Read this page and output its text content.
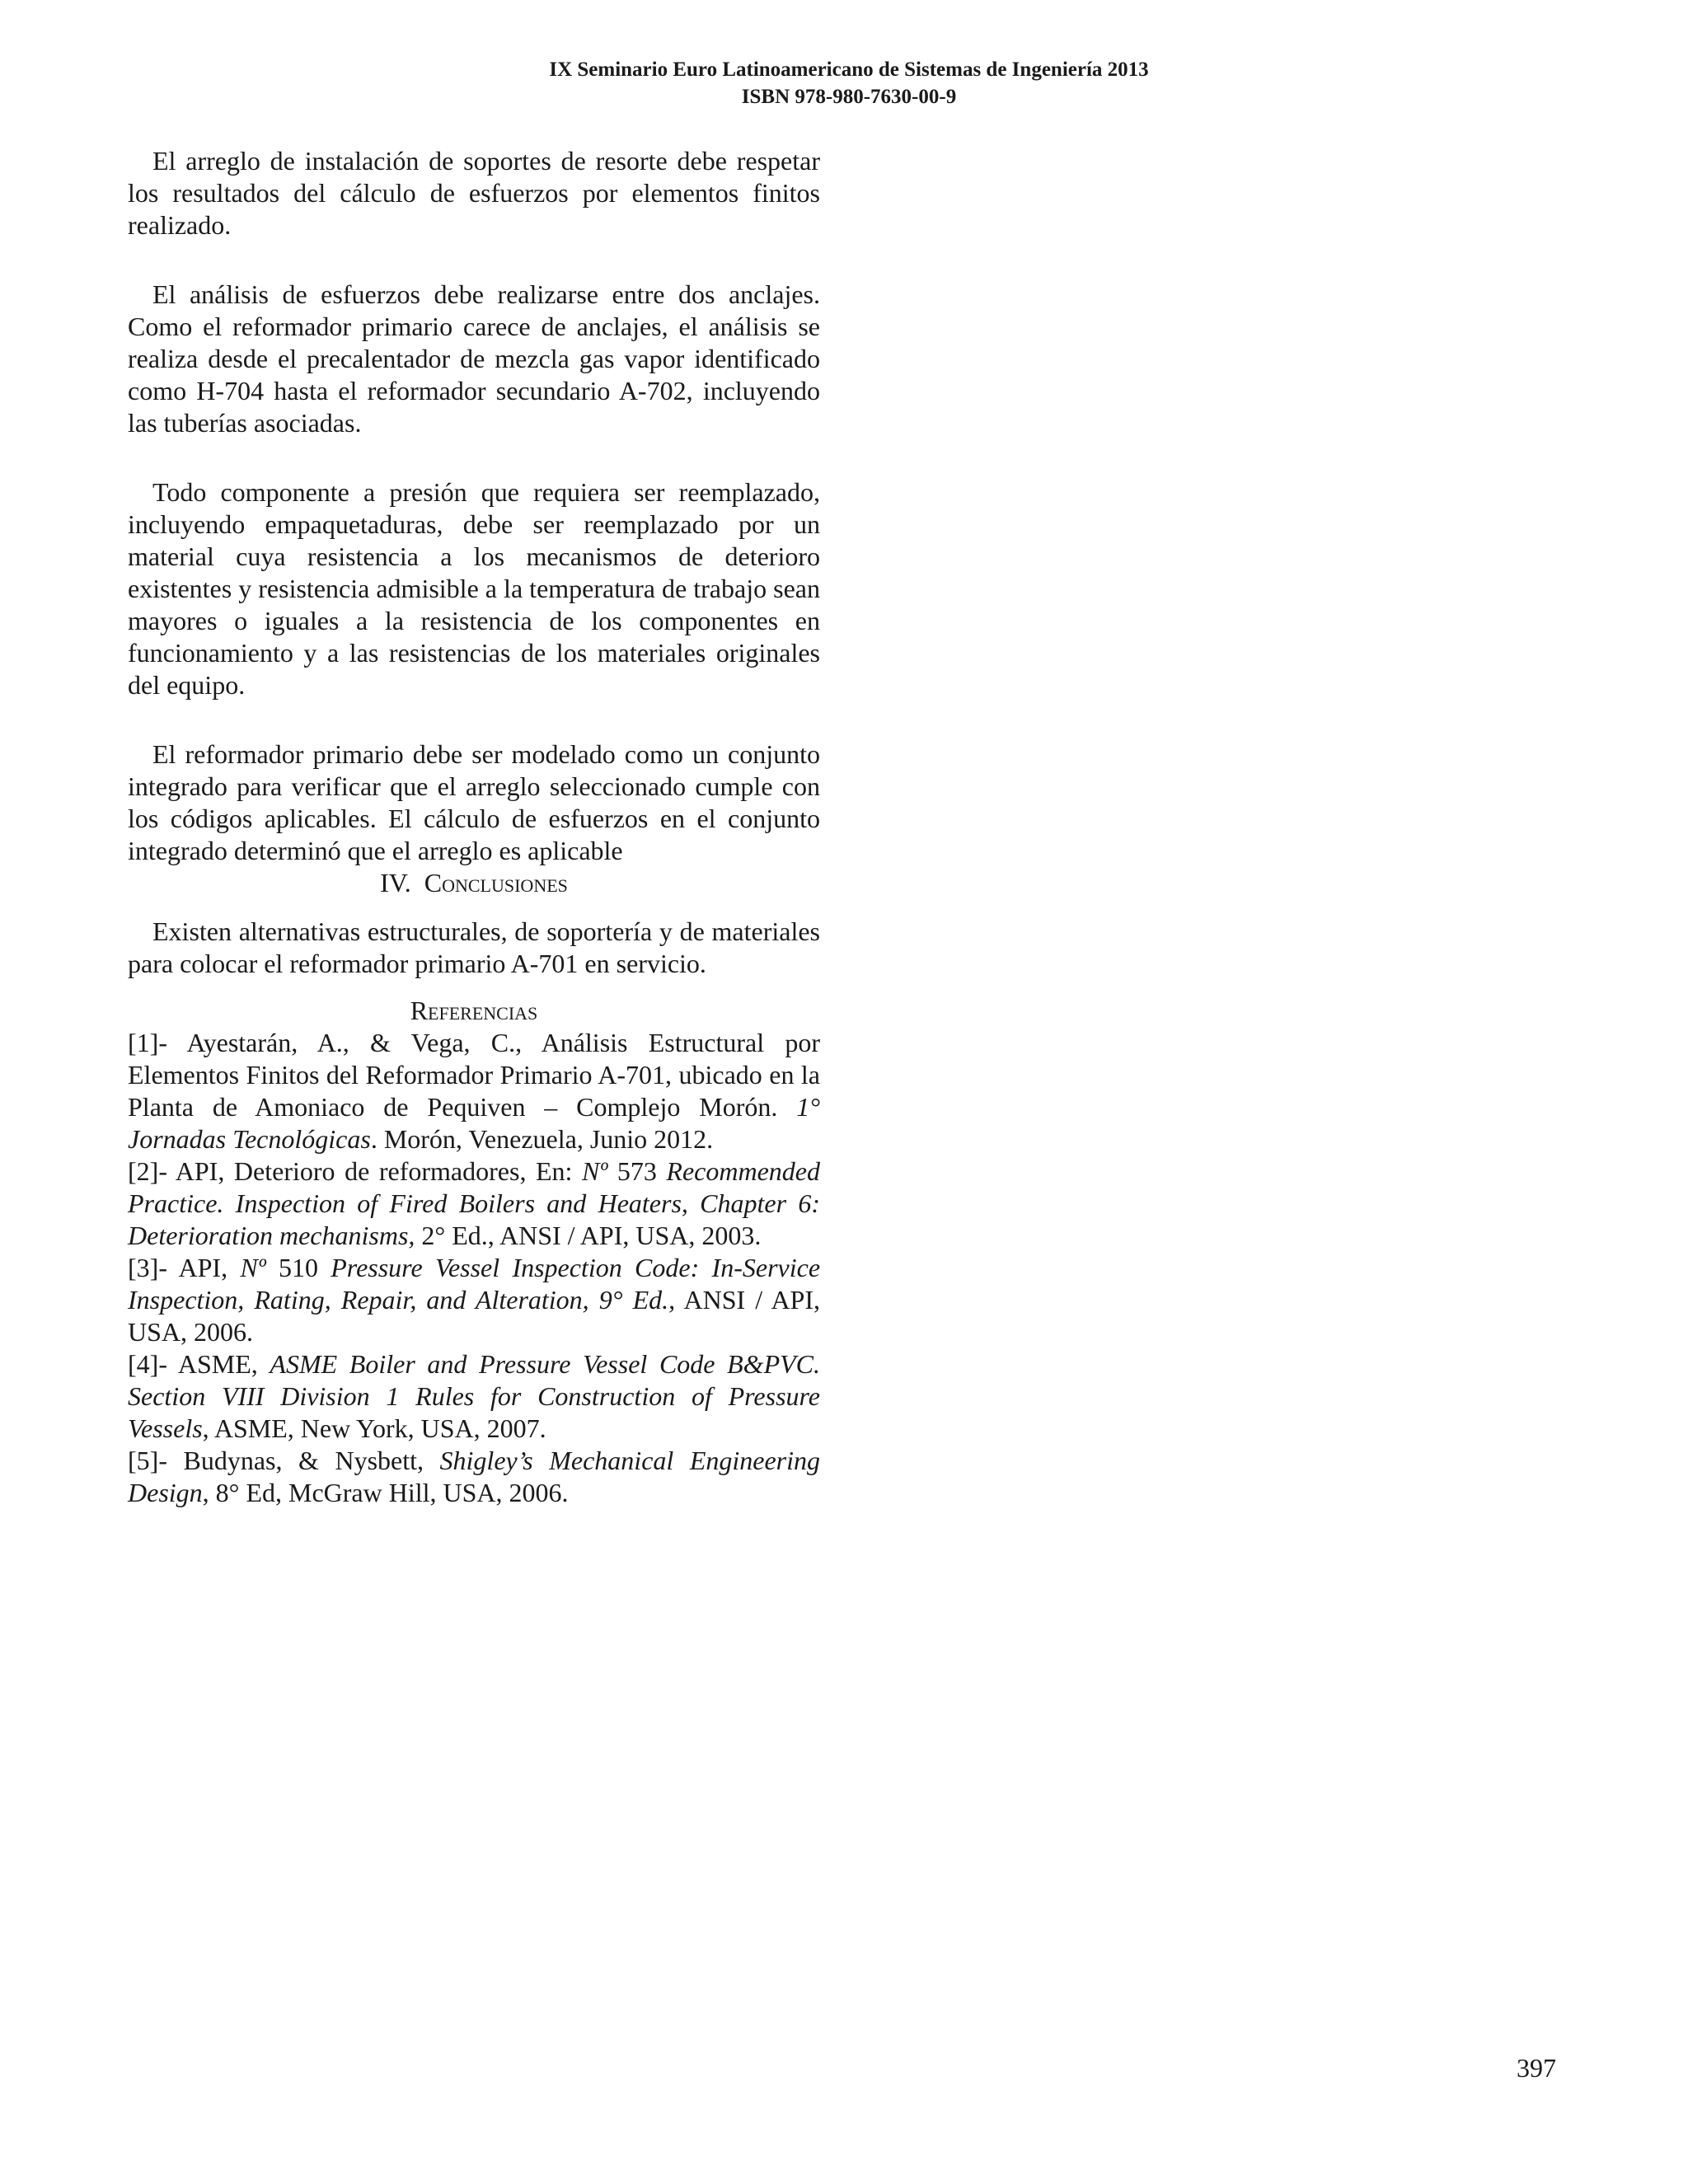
IX Seminario Euro Latinoamericano de Sistemas de Ingeniería 2013
ISBN 978-980-7630-00-9

El arreglo de instalación de soportes de resorte debe respetar los resultados del cálculo de esfuerzos por elementos finitos realizado.

El análisis de esfuerzos debe realizarse entre dos anclajes. Como el reformador primario carece de anclajes, el análisis se realiza desde el precalentador de mezcla gas vapor identificado como H-704 hasta el reformador secundario A-702, incluyendo las tuberías asociadas.

Todo componente a presión que requiera ser reemplazado, incluyendo empaquetaduras, debe ser reemplazado por un material cuya resistencia a los mecanismos de deterioro existentes y resistencia admisible a la temperatura de trabajo sean mayores o iguales a la resistencia de los componentes en funcionamiento y a las resistencias de los materiales originales del equipo.

El reformador primario debe ser modelado como un conjunto integrado para verificar que el arreglo seleccionado cumple con los códigos aplicables. El cálculo de esfuerzos en el conjunto integrado determinó que el arreglo es aplicable

IV. Conclusiones

Existen alternativas estructurales, de soportería y de materiales para colocar el reformador primario A-701 en servicio.

Referencias

[1]- Ayestarán, A., & Vega, C., Análisis Estructural por Elementos Finitos del Reformador Primario A-701, ubicado en la Planta de Amoniaco de Pequiven – Complejo Morón. 1° Jornadas Tecnológicas. Morón, Venezuela, Junio 2012.

[2]- API, Deterioro de reformadores, En: Nº 573 Recommended Practice. Inspection of Fired Boilers and Heaters, Chapter 6: Deterioration mechanisms, 2° Ed., ANSI / API, USA, 2003.

[3]- API, Nº 510 Pressure Vessel Inspection Code: In-Service Inspection, Rating, Repair, and Alteration, 9° Ed., ANSI / API, USA, 2006.

[4]- ASME, ASME Boiler and Pressure Vessel Code B&PVC. Section VIII Division 1 Rules for Construction of Pressure Vessels, ASME, New York, USA, 2007.

[5]- Budynas, & Nysbett, Shigley’s Mechanical Engineering Design, 8° Ed, McGraw Hill, USA, 2006.

397
